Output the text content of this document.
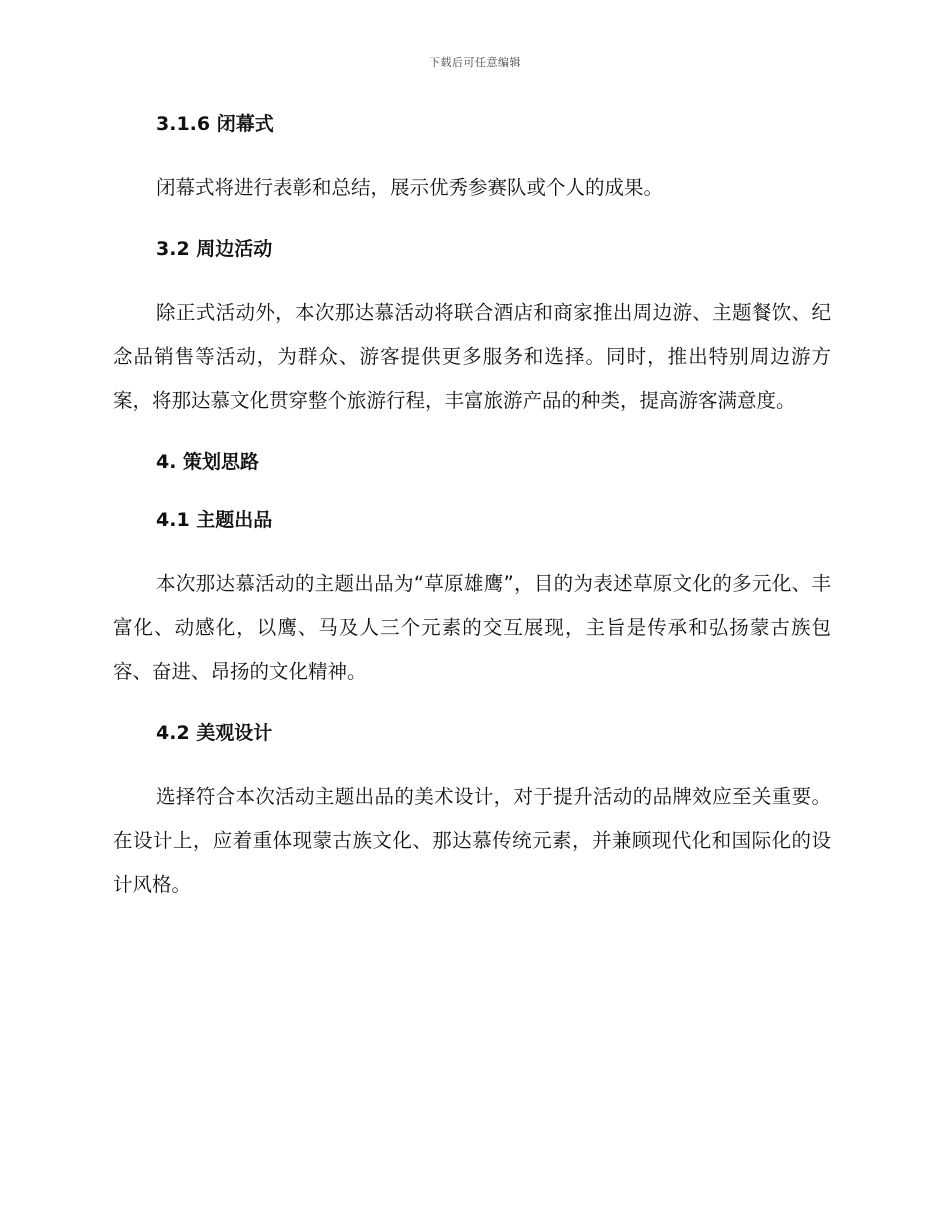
下载后可任意编辑
3.1.6 闭幕式

闭幕式将进行表彰和总结，展示优秀参赛队或个人的成果。

3.2 周边活动

除正式活动外，本次那达慕活动将联合酒店和商家推出周边游、主题餐饮、纪念品销售等活动，为群众、游客提供更多服务和选择。同时，推出特别周边游方案，将那达慕文化贯穿整个旅游行程，丰富旅游产品的种类，提高游客满意度。

4. 策划思路
4.1 主题出品

本次那达慕活动的主题出品为“草原雄鹰”，目的为表述草原文化的多元化、丰富化、动感化，以鹰、马及人三个元素的交互展现，主旨是传承和弘扬蒙古族包容、奋进、昂扬的文化精神。

4.2 美观设计

选择符合本次活动主题出品的美术设计，对于提升活动的品牌效应至关重要。在设计上，应着重体现蒙古族文化、那达慕传统元素，并兼顾现代化和国际化的设计风格。
